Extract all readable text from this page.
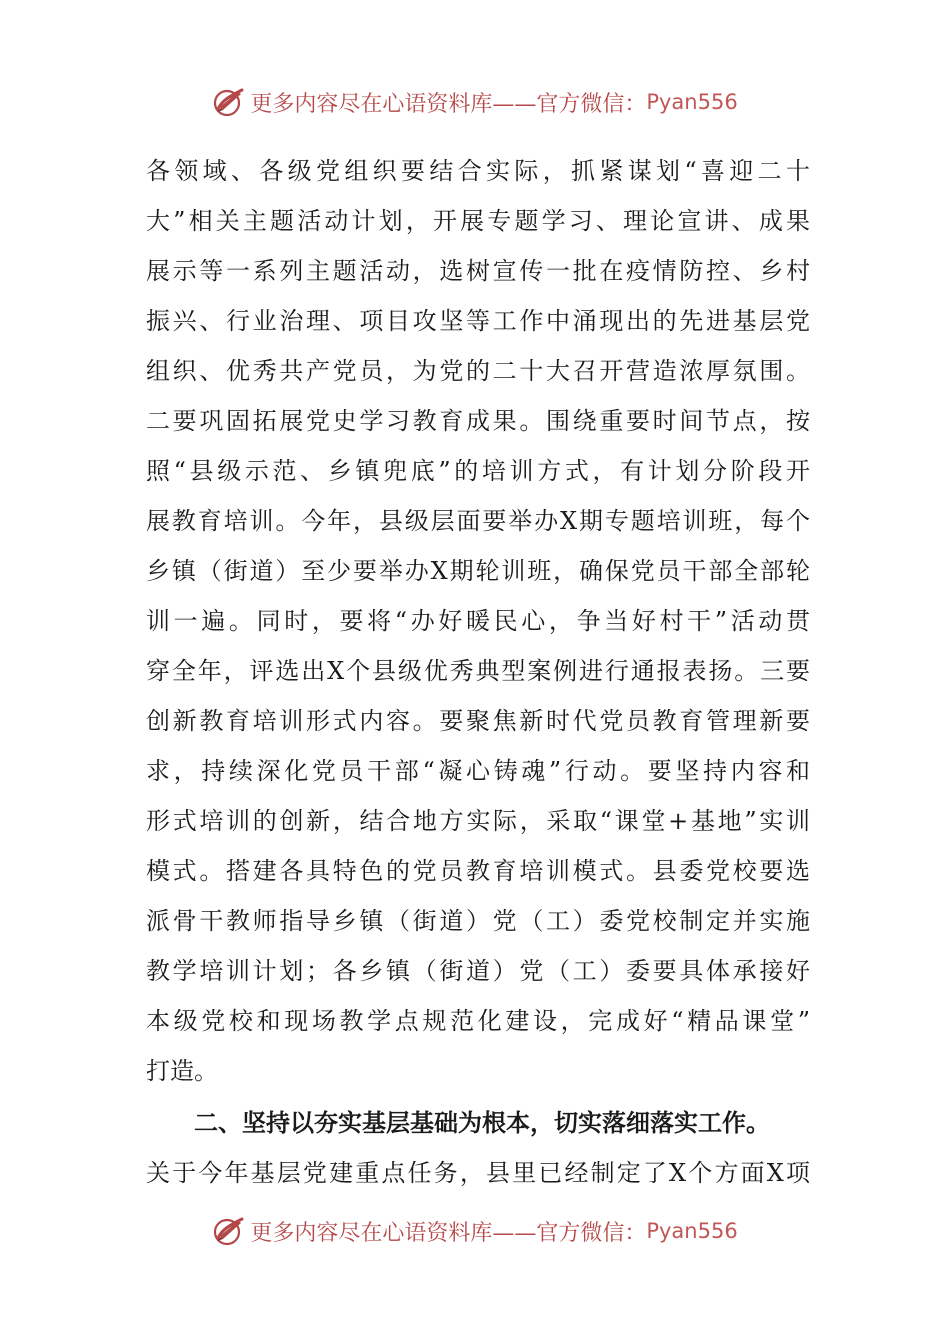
更多内容尽在心语资料库——官方微信： Pyan556
各领域、各级党组织要结合实际，抓紧谋划“喜迎二十
大”相关主题活动计划，开展专题学习、理论宣讲、成果
展示等一系列主题活动，选树宣传一批在疫情防控、乡村
振兴、行业治理、项目攻坚等工作中涌现出的先进基层党
组织、优秀共产党员，为党的二十大召开营造浓厚氛围。
二要巩固拓展党史学习教育成果。围绕重要时间节点，按
照“县级示范、乡镇兜底”的培训方式，有计划分阶段开
展教育培训。今年，县级层面要举办X期专题培训班，每个
乡镇（街道）至少要举办X期轮训班，确保党员干部全部轮
训一遍。同时，要将“办好暖民心，争当好村干”活动贯
穿全年，评选出X个县级优秀典型案例进行通报表扬。三要
创新教育培训形式内容。要聚焦新时代党员教育管理新要
求，持续深化党员干部“凝心铸魂”行动。要坚持内容和
形式培训的创新，结合地方实际，采取“课堂+基地”实训
模式。搭建各具特色的党员教育培训模式。县委党校要选
派骨干教师指导乡镇（街道）党（工）委党校制定并实施
教学培训计划；各乡镇（街道）党（工）委要具体承接好
本级党校和现场教学点规范化建设，完成好“精品课堂”
打造。
二、坚持以夯实基层基础为根本，切实落细落实工作。
关于今年基层党建重点任务，县里已经制定了X个方面X项
更多内容尽在心语资料库——官方微信： Pyan556
